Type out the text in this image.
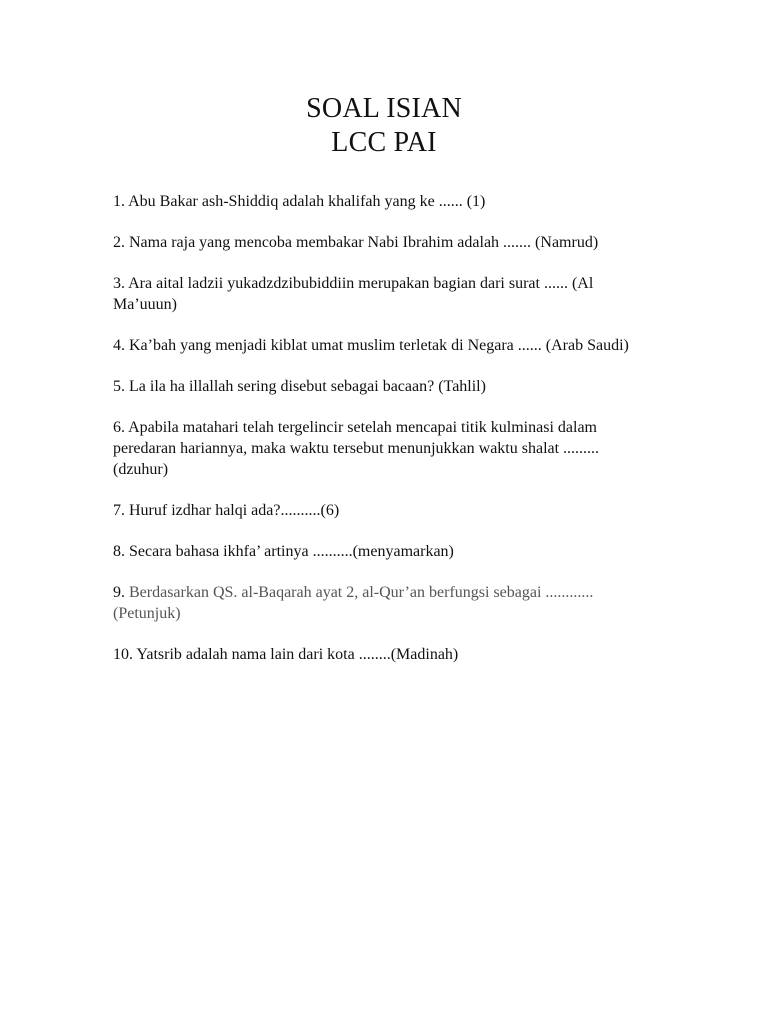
SOAL ISIAN
LCC PAI
1. Abu Bakar ash-Shiddiq adalah khalifah yang ke ...... (1)
2. Nama raja yang mencoba membakar Nabi Ibrahim adalah ....... (Namrud)
3. Ara aital ladzii yukadzdzibubiddiin merupakan bagian dari surat ...... (Al Ma’uuun)
4. Ka’bah yang menjadi kiblat umat muslim terletak di Negara ...... (Arab Saudi)
5. La ila ha illallah sering disebut sebagai bacaan? (Tahlil)
6. Apabila matahari telah tergelincir setelah mencapai titik kulminasi dalam peredaran hariannya, maka waktu tersebut menunjukkan waktu shalat ......... (dzuhur)
7. Huruf izdhar halqi ada?..........(6)
8. Secara bahasa ikhfa’ artinya ..........(menyamarkan)
9. Berdasarkan QS. al-Baqarah ayat 2, al-Qur’an berfungsi sebagai ............ (Petunjuk)
10. Yatsrib adalah nama lain dari kota ........(Madinah)
